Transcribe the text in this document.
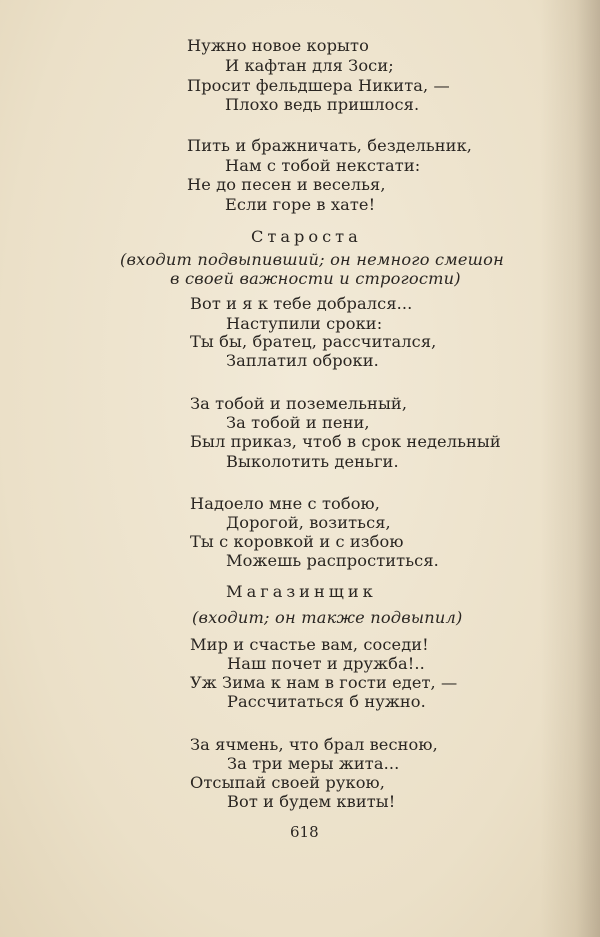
Нужно новое корыто
И кафтан для Зоси;
Просит фельдшера Никита, —
Плохо ведь пришлося.
Пить и бражничать, бездельник,
Нам с тобой некстати:
Не до песен и веселья,
Если горе в хате!
Староста
(входит подвыпивший; он немного смешон
в своей важности и строгости)
Вот и я к тебе добрался...
Наступили сроки:
Ты бы, братец, рассчитался,
Заплатил оброки.
За тобой и поземельный,
За тобой и пени,
Был приказ, чтоб в срок недельный
Выколотить деньги.
Надоело мне с тобою,
Дорогой, возиться,
Ты с коровкой и с избою
Можешь распроститься.
Магазинщик
(входит; он также подвыпил)
Мир и счастье вам, соседи!
Наш почет и дружба!..
Уж Зима к нам в гости едет, —
Рассчитаться б нужно.
За ячмень, что брал весною,
За три меры жита...
Отсыпай своей рукою,
Вот и будем квиты!
618
